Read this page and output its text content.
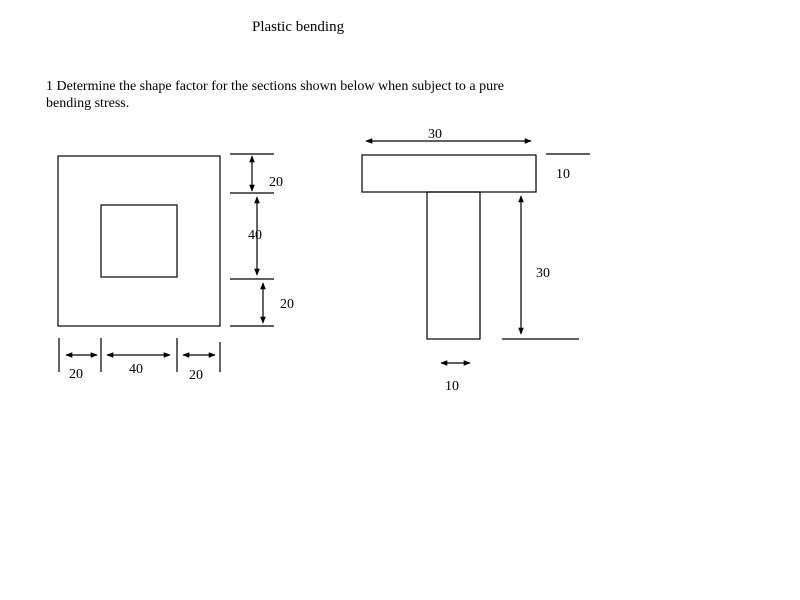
Plastic bending
1 Determine the shape factor for the sections shown below when subject to a pure
bending stress.
20
40
20
20	40	20
30
10
30
10
